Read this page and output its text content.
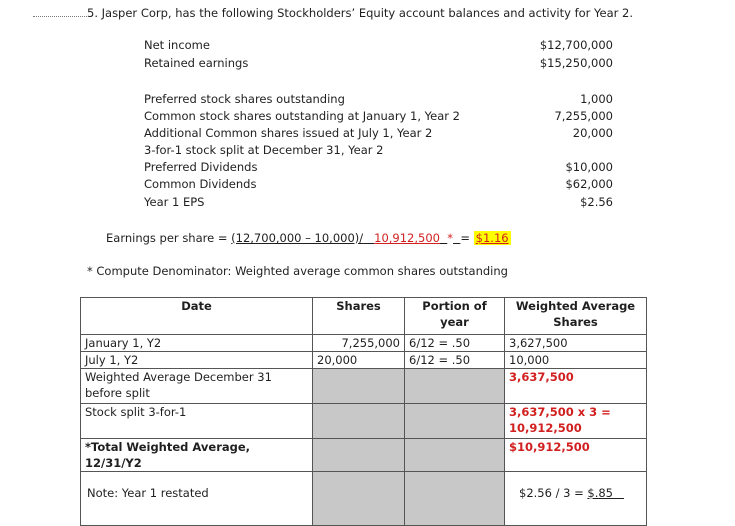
5. Jasper Corp, has the following Stockholders’ Equity account balances and activity for Year 2.
Net income	$12,700,000
Retained earnings	$15,250,000
Preferred stock shares outstanding	1,000
Common stock shares outstanding at January 1, Year 2	7,255,000
Additional Common shares issued at July 1, Year 2	20,000
3-for-1 stock split at December 31, Year 2
Preferred Dividends	$10,000
Common Dividends	$62,000
Year 1 EPS	$2.56
Earnings per share = (12,700,000 – 10,000)/ 10,912,500 * = $1.16
* Compute Denominator: Weighted average common shares outstanding
Date	Shares	Portion of year	Weighted Average Shares
January 1, Y2	7,255,000	6/12 = .50	3,627,500
July 1, Y2	20,000	6/12 = .50	10,000
Weighted Average December 31 before split			3,637,500
Stock split 3-for-1			3,637,500 x 3 = 10,912,500
*Total Weighted Average, 12/31/Y2			$10,912,500
Note: Year 1 restated			$2.56 / 3 = $.85
